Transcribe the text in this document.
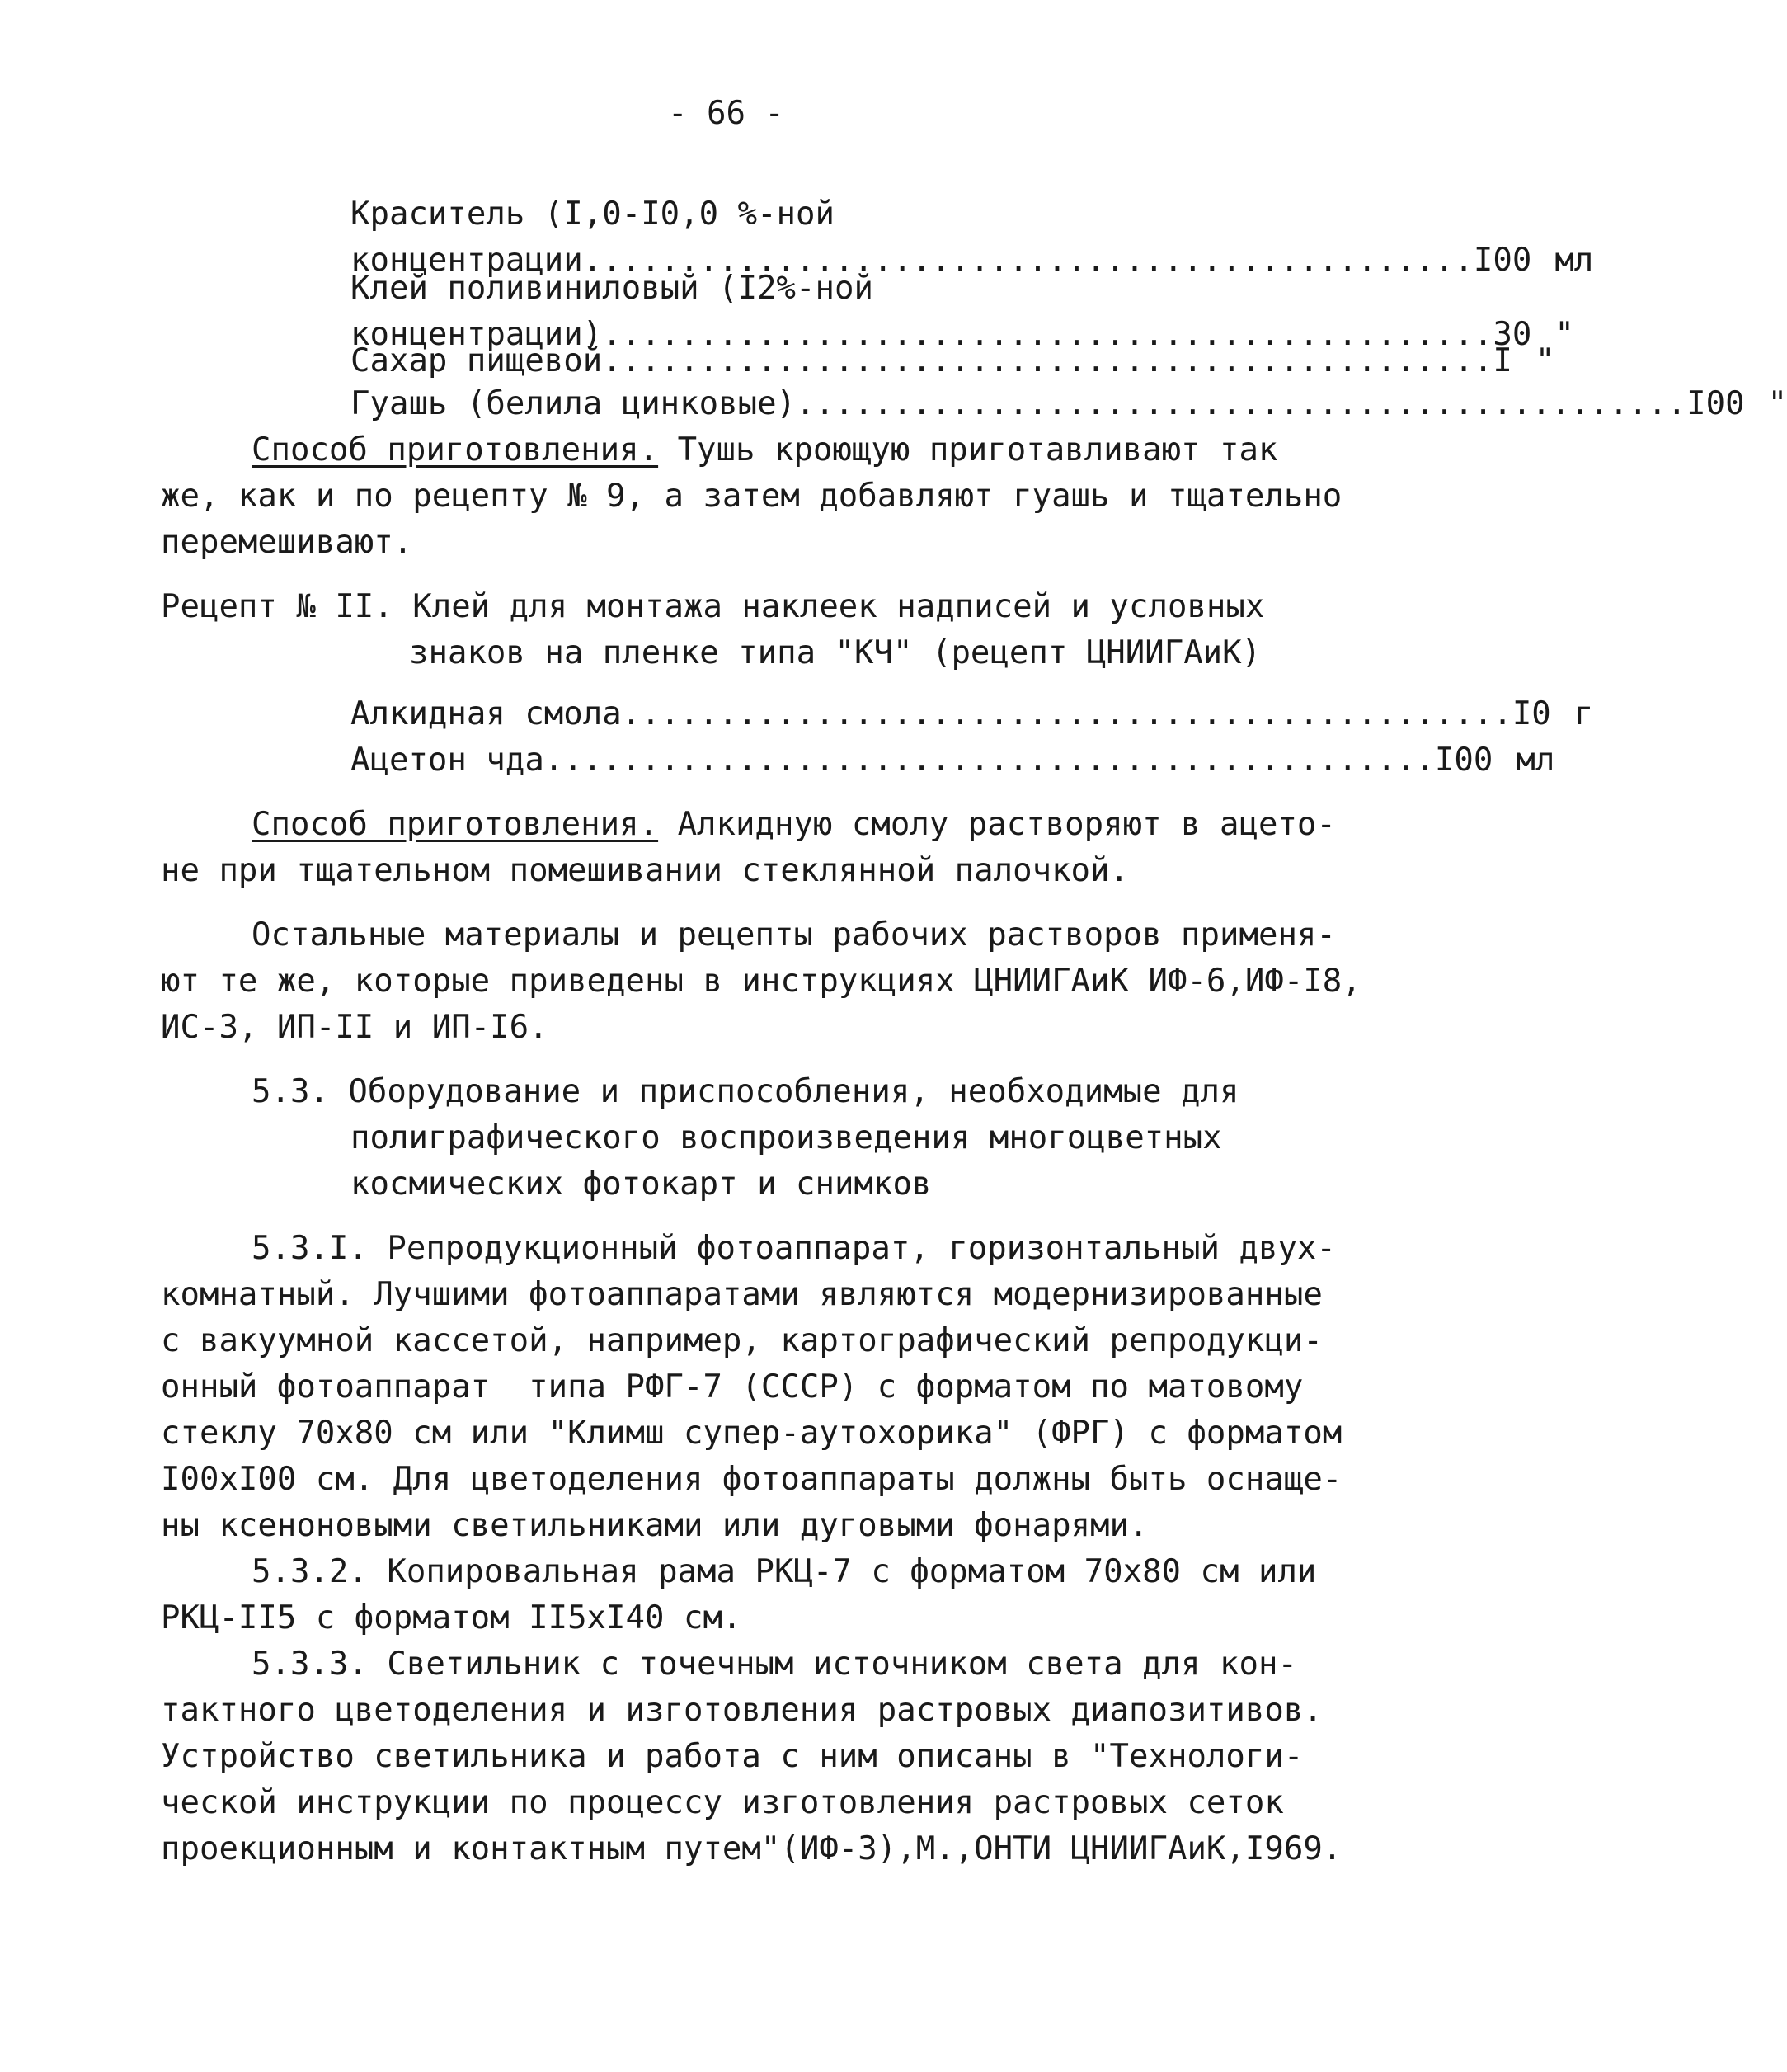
- 66 -
Краситель (I,0-I0,0 %-ной
концентрации .............................................. I00 мл
Клей поливиниловый (I2%-ной
концентрации) .............................................. 30 "
Сахар пищевой .............................................. I "
Гуашь (белила цинковые) .............................................. I00 "
Способ приготовления. Тушь кроющую приготавливают так
же, как и по рецепту № 9, а затем добавляют гуашь и тщательно
перемешивают.
Рецепт № II. Клей для монтажа наклеек надписей и условных
знаков на пленке типа "КЧ" (рецепт ЦНИИГАиК)
Алкидная смола .............................................. I0 г
Ацетон чда .............................................. I00 мл
Способ приготовления. Алкидную смолу растворяют в ацето-
не при тщательном помешивании стеклянной палочкой.
Остальные материалы и рецепты рабочих растворов применя-
ют те же, которые приведены в инструкциях ЦНИИГАиК ИФ-6,ИФ-I8,
ИС-3, ИП-II и ИП-I6.
5.3. Оборудование и приспособления, необходимые для
полиграфического воспроизведения многоцветных
космических фотокарт и снимков
5.3.I. Репродукционный фотоаппарат, горизонтальный двух-
комнатный. Лучшими фотоаппаратами являются модернизированные
с вакуумной кассетой, например, картографический репродукци-
онный фотоаппарат  типа РФГ-7 (СССР) с форматом по матовому
стеклу 70x80 см или "Климш супер-аутохорика" (ФРГ) с форматом
I00xI00 см. Для цветоделения фотоаппараты должны быть оснаще-
ны ксеноновыми светильниками или дуговыми фонарями.
5.3.2. Копировальная рама РКЦ-7 с форматом 70x80 см или
РКЦ-II5 с форматом II5xI40 см.
5.3.3. Светильник с точечным источником света для кон-
тактного цветоделения и изготовления растровых диапозитивов.
Устройство светильника и работа с ним описаны в "Технологи-
ческой инструкции по процессу изготовления растровых сеток
проекционным и контактным путем"(ИФ-3),М.,ОНТИ ЦНИИГАиК,I969.
